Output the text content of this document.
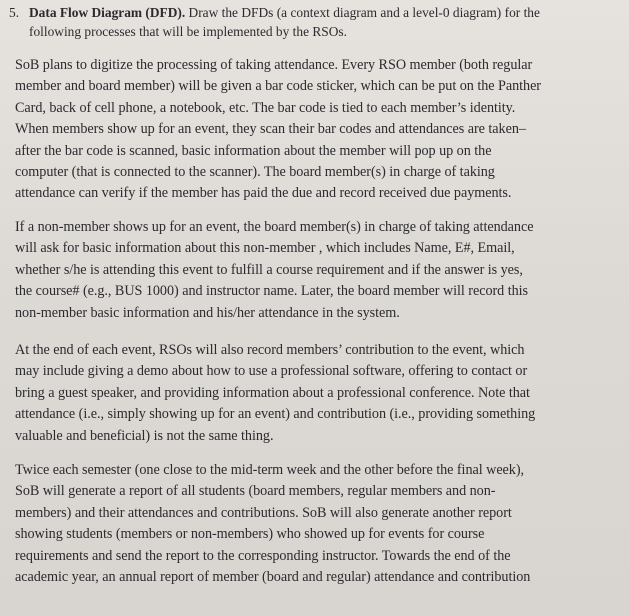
5. Data Flow Diagram (DFD). Draw the DFDs (a context diagram and a level-0 diagram) for the
following processes that will be implemented by the RSOs.
SoB plans to digitize the processing of taking attendance. Every RSO member (both regular
member and board member) will be given a bar code sticker, which can be put on the Panther
Card, back of cell phone, a notebook, etc. The bar code is tied to each member’s identity.
When members show up for an event, they scan their bar codes and attendances are taken–
after the bar code is scanned, basic information about the member will pop up on the
computer (that is connected to the scanner). The board member(s) in charge of taking
attendance can verify if the member has paid the due and record received due payments.
If a non-member shows up for an event, the board member(s) in charge of taking attendance
will ask for basic information about this non-member , which includes Name, E#, Email,
whether s/he is attending this event to fulfill a course requirement and if the answer is yes,
the course# (e.g., BUS 1000) and instructor name. Later, the board member will record this
non-member basic information and his/her attendance in the system.
At the end of each event, RSOs will also record members’ contribution to the event, which
may include giving a demo about how to use a professional software, offering to contact or
bring a guest speaker, and providing information about a professional conference. Note that
attendance (i.e., simply showing up for an event) and contribution (i.e., providing something
valuable and beneficial) is not the same thing.
Twice each semester (one close to the mid-term week and the other before the final week),
SoB will generate a report of all students (board members, regular members and non-
members) and their attendances and contributions. SoB will also generate another report
showing students (members or non-members) who showed up for events for course
requirements and send the report to the corresponding instructor. Towards the end of the
academic year, an annual report of member (board and regular) attendance and contribution
